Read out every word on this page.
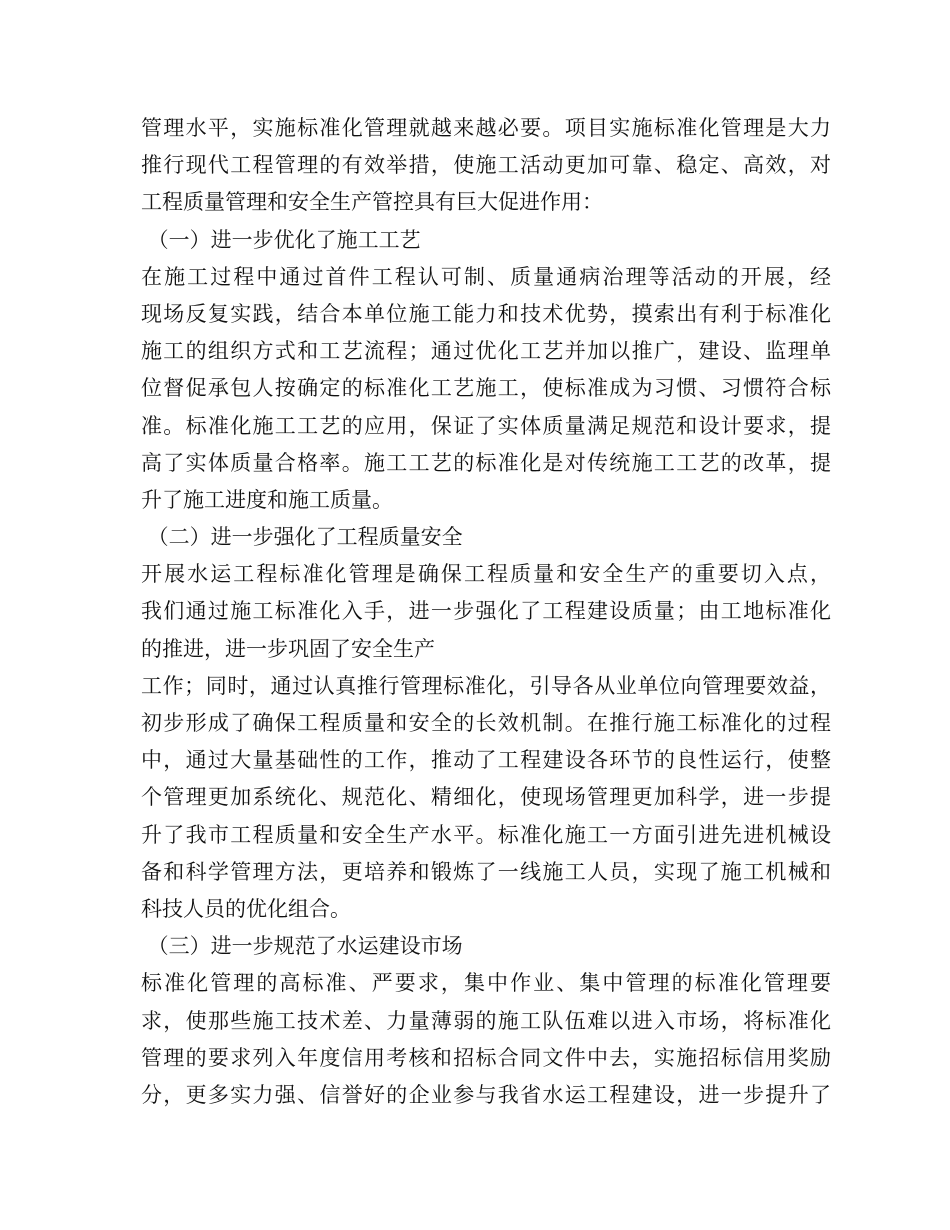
管理水平，实施标准化管理就越来越必要。项目实施标准化管理是大力
推行现代工程管理的有效举措，使施工活动更加可靠、稳定、高效，对
工程质量管理和安全生产管控具有巨大促进作用：
（一）进一步优化了施工工艺
在施工过程中通过首件工程认可制、质量通病治理等活动的开展，经
现场反复实践，结合本单位施工能力和技术优势，摸索出有利于标准化
施工的组织方式和工艺流程；通过优化工艺并加以推广，建设、监理单
位督促承包人按确定的标准化工艺施工，使标准成为习惯、习惯符合标
准。标准化施工工艺的应用，保证了实体质量满足规范和设计要求，提
高了实体质量合格率。施工工艺的标准化是对传统施工工艺的改革，提
升了施工进度和施工质量。
（二）进一步强化了工程质量安全
开展水运工程标准化管理是确保工程质量和安全生产的重要切入点，
我们通过施工标准化入手，进一步强化了工程建设质量；由工地标准化
的推进，进一步巩固了安全生产
工作；同时，通过认真推行管理标准化，引导各从业单位向管理要效益，
初步形成了确保工程质量和安全的长效机制。在推行施工标准化的过程
中，通过大量基础性的工作，推动了工程建设各环节的良性运行，使整
个管理更加系统化、规范化、精细化，使现场管理更加科学，进一步提
升了我市工程质量和安全生产水平。标准化施工一方面引进先进机械设
备和科学管理方法，更培养和锻炼了一线施工人员，实现了施工机械和
科技人员的优化组合。
（三）进一步规范了水运建设市场
标准化管理的高标准、严要求，集中作业、集中管理的标准化管理要
求，使那些施工技术差、力量薄弱的施工队伍难以进入市场，将标准化
管理的要求列入年度信用考核和招标合同文件中去，实施招标信用奖励
分，更多实力强、信誉好的企业参与我省水运工程建设，进一步提升了
